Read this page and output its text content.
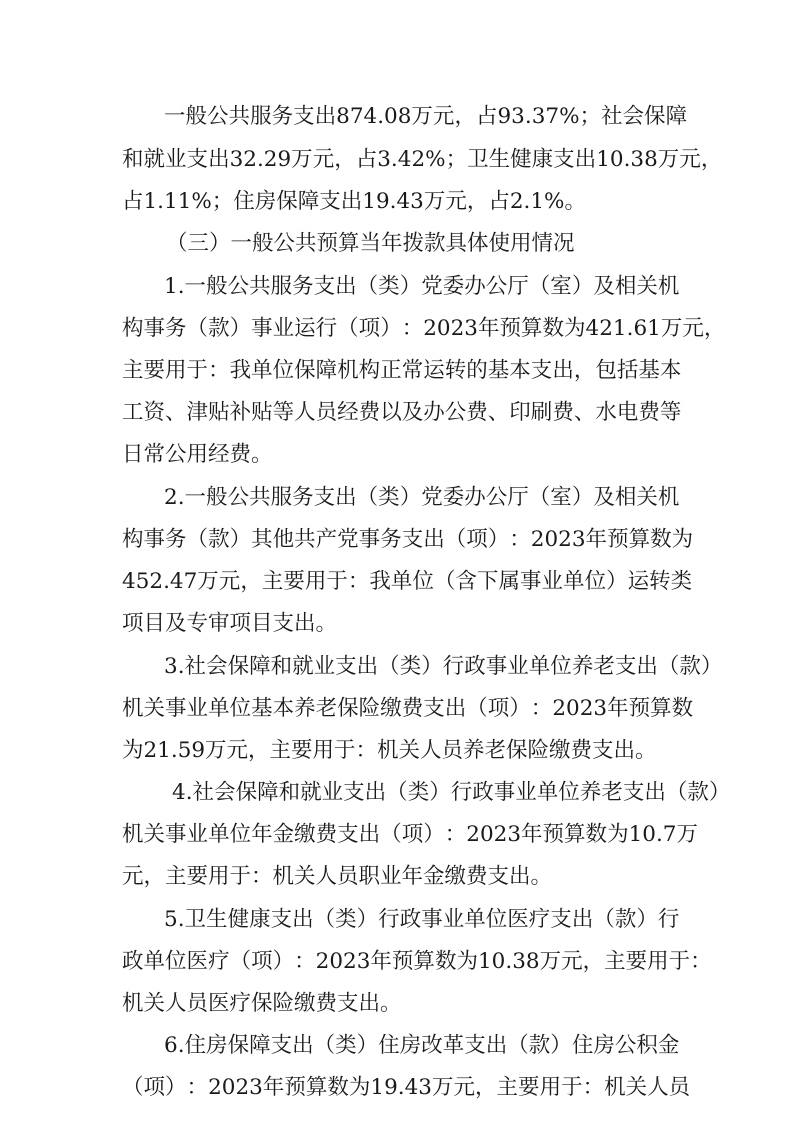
一 般 公 共 服 务 支 出 8 7 4 . 0 8 万 元 ， 占 9 3 . 3 7 % ； 社 会 保 障
和 就 业 支 出 3 2 . 2 9 万 元 ， 占 3 . 4 2 % ； 卫 生 健 康 支 出 1 0 . 3 8 万 元 ，
占1.11%；住房保障支出19.43万元，占2.1%。
（三）一般公共预算当年拨款具体使用情况
1 . 一 般 公 共 服 务 支 出 （ 类 ） 党 委 办 公 厅 （ 室 ） 及 相 关 机
构 事 务 （ 款 ） 事 业 运 行 （ 项 ） ： 2 0 2 3 年 预 算 数 为 4 2 1 . 6 1 万 元 ，
主 要 用 于 ： 我 单 位 保 障 机 构 正 常 运 转 的 基 本 支 出 ， 包 括 基 本
工 资 、 津 贴 补 贴 等 人 员 经 费 以 及 办 公 费 、 印 刷 费 、 水 电 费 等
日常公用经费。
2 . 一 般 公 共 服 务 支 出 （ 类 ） 党 委 办 公 厅 （ 室 ） 及 相 关 机
构 事 务 （ 款 ） 其 他 共 产 党 事 务 支 出 （ 项 ） ： 2 0 2 3 年 预 算 数 为
4 5 2 . 4 7 万 元 ， 主 要 用 于 ： 我 单 位 （ 含 下 属 事 业 单 位 ） 运 转 类
项目及专审项目支出。
3 . 社 会 保 障 和 就 业 支 出 （ 类 ） 行 政 事 业 单 位 养 老 支 出 （ 款 ）
机 关 事 业 单 位 基 本 养 老 保 险 缴 费 支 出 （ 项 ） ： 2 0 2 3 年 预 算 数
为21.59万元，主要用于：机关人员养老保险缴费支出。
4 . 社 会 保 障 和 就 业 支 出 （ 类 ） 行 政 事 业 单 位 养 老 支 出 （ 款 ）
机 关 事 业 单 位 年 金 缴 费 支 出 （ 项 ） ： 2 0 2 3 年 预 算 数 为 1 0 . 7 万
元，主要用于：机关人员职业年金缴费支出。
5 . 卫 生 健 康 支 出 （ 类 ） 行 政 事 业 单 位 医 疗 支 出 （ 款 ） 行
政 单 位 医 疗 （ 项 ） ： 2 0 2 3 年 预 算 数 为 1 0 . 3 8 万 元 ， 主 要 用 于 ：
机关人员医疗保险缴费支出。
6 . 住 房 保 障 支 出 （ 类 ） 住 房 改 革 支 出 （ 款 ） 住 房 公 积 金
（ 项 ） ： 2 0 2 3 年 预 算 数 为 1 9 . 4 3 万 元 ， 主 要 用 于 ： 机 关 人 员
